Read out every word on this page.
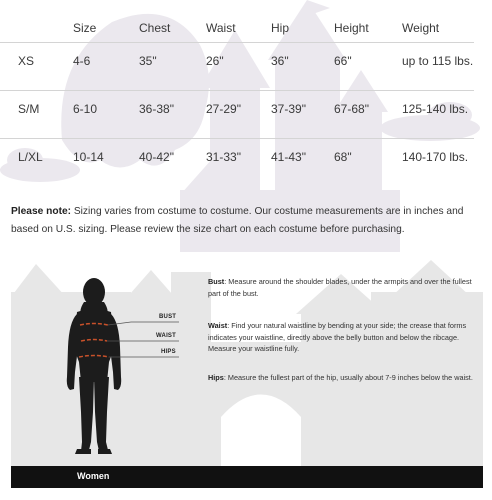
	Size	Chest	Waist	Hip	Height	Weight
XS	4-6	35"	26"	36"	66"	up to 115 lbs.
S/M	6-10	36-38"	27-29"	37-39"	67-68"	125-140 lbs.
L/XL	10-14	40-42"	31-33"	41-43"	68"	140-170 lbs.
Please note: Sizing varies from costume to costume. Our costume measurements are in inches and based on U.S. sizing. Please review the size chart on each costume before purchasing.
BUST
WAIST
HIPS
Bust: Measure around the shoulder blades, under the armpits and over the fullest part of the bust.
Waist: Find your natural waistline by bending at your side; the crease that forms indicates your waistline, directly above the belly button and below the ribcage. Measure your waistline fully.
Hips: Measure the fullest part of the hip, usually about 7-9 inches below the waist.
Women
